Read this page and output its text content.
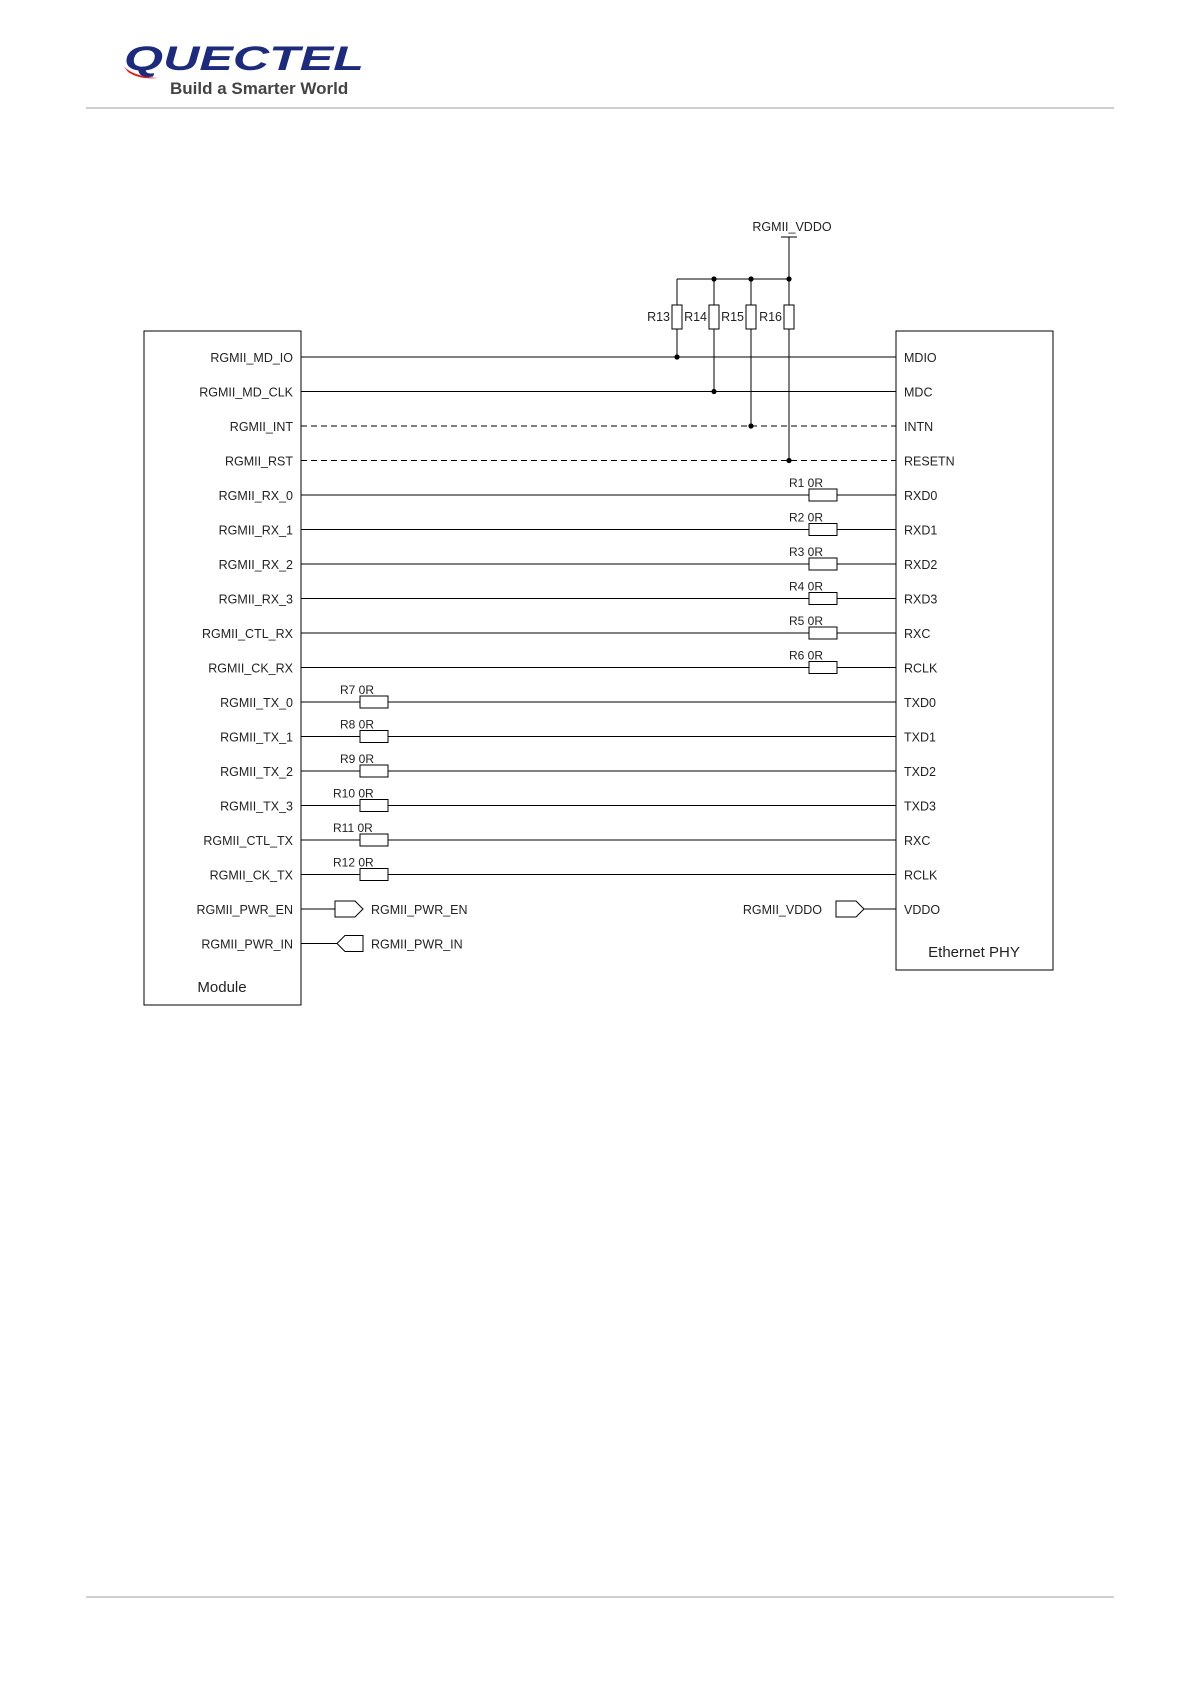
QUECTEL
Build a Smarter World
Module
Ethernet PHY
RGMII_MD_IO
RGMII_MD_CLK
RGMII_INT
RGMII_RST
RGMII_RX_0
RGMII_RX_1
RGMII_RX_2
RGMII_RX_3
RGMII_CTL_RX
RGMII_CK_RX
RGMII_TX_0
RGMII_TX_1
RGMII_TX_2
RGMII_TX_3
RGMII_CTL_TX
RGMII_CK_TX
RGMII_PWR_EN
RGMII_PWR_IN
MDIO
MDC
INTN
RESETN
RXD0
RXD1
RXD2
RXD3
RXC
RCLK
TXD0
TXD1
TXD2
TXD3
RXC
RCLK
VDDO
R1 0R
R2 0R
R3 0R
R4 0R
R5 0R
R6 0R
R7 0R
R8 0R
R9 0R
R10 0R
R11 0R
R12 0R
RGMII_VDDO
R13 R14 R15 R16
RGMII_PWR_EN
RGMII_PWR_IN
RGMII_VDDO
